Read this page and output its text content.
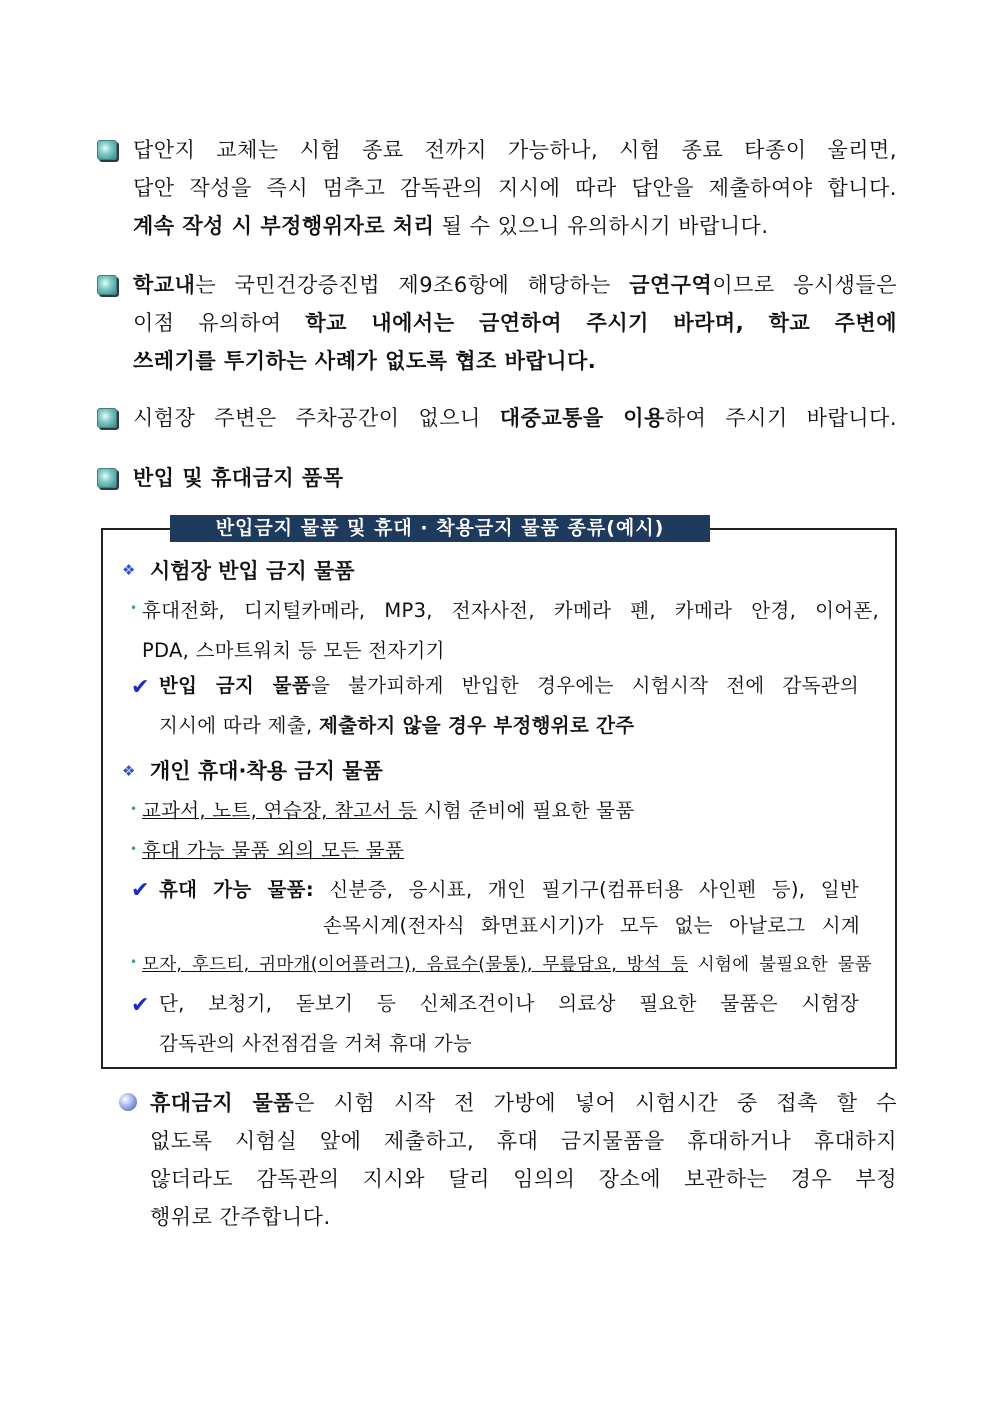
답안지 교체는 시험 종료 전까지 가능하나, 시험 종료 타종이 울리면,
답안 작성을 즉시 멈추고 감독관의 지시에 따라 답안을 제출하여야 합니다.
계속 작성 시 부정행위자로 처리 될 수 있으니 유의하시기 바랍니다.
학교내는 국민건강증진법 제9조6항에 해당하는 금연구역이므로 응시생들은
이점 유의하여 학교 내에서는 금연하여 주시기 바라며, 학교 주변에
쓰레기를 투기하는 사례가 없도록 협조 바랍니다.
시험장 주변은 주차공간이 없으니 대중교통을 이용하여 주시기 바랍니다.
반입 및 휴대금지 품목
반입금지 물품 및 휴대 · 착용금지 물품 종류(예시)
❖ 시험장 반입 금지 물품
• 휴대전화, 디지털카메라, MP3, 전자사전, 카메라 펜, 카메라 안경, 이어폰,
PDA, 스마트워치 등 모든 전자기기
✔ 반입 금지 물품을 불가피하게 반입한 경우에는 시험시작 전에 감독관의
지시에 따라 제출, 제출하지 않을 경우 부정행위로 간주
❖ 개인 휴대·착용 금지 물품
• 교과서, 노트, 연습장, 참고서 등 시험 준비에 필요한 물품
• 휴대 가능 물품 외의 모든 물품
✔ 휴대 가능 물품: 신분증, 응시표, 개인 필기구(컴퓨터용 사인펜 등), 일반
손목시계(전자식 화면표시기)가 모두 없는 아날로그 시계
• 모자, 후드티, 귀마개(이어플러그), 음료수(물통), 무릎담요, 방석 등 시험에 불필요한 물품
✔ 단, 보청기, 돋보기 등 신체조건이나 의료상 필요한 물품은 시험장
감독관의 사전점검을 거쳐 휴대 가능
휴대금지 물품은 시험 시작 전 가방에 넣어 시험시간 중 접촉 할 수
없도록 시험실 앞에 제출하고, 휴대 금지물품을 휴대하거나 휴대하지
않더라도 감독관의 지시와 달리 임의의 장소에 보관하는 경우 부정
행위로 간주합니다.
